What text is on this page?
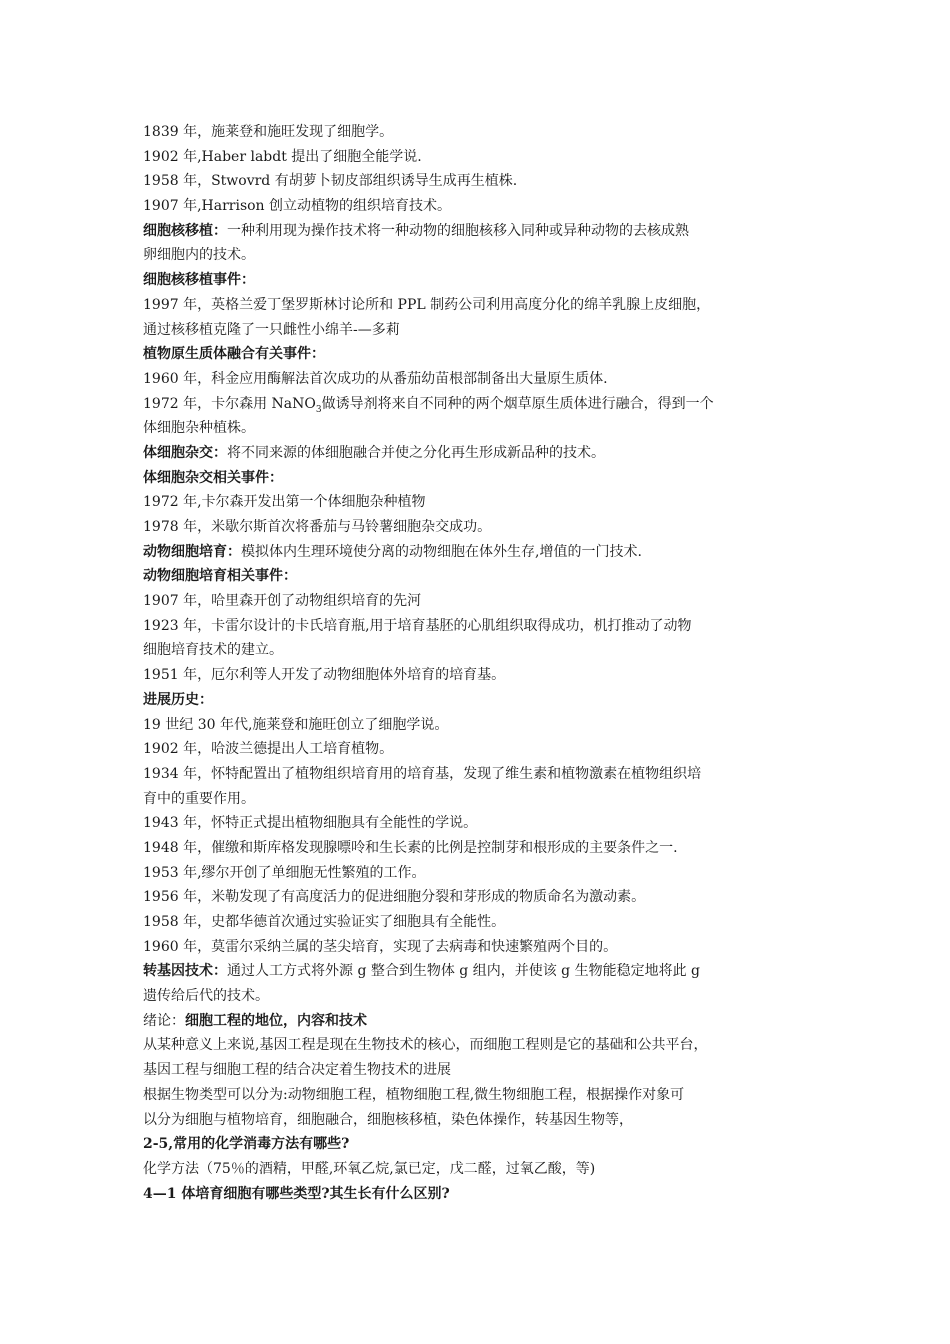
1839 年，施莱登和施旺发现了细胞学。
1902 年,Haber labdt 提出了细胞全能学说.
1958 年，Stwovrd 有胡萝卜韧皮部组织诱导生成再生植株.
1907 年,Harrison 创立动植物的组织培育技术。
细胞核移植：一种利用现为操作技术将一种动物的细胞核移入同种或异种动物的去核成熟
卵细胞内的技术。
细胞核移植事件：
1997 年，英格兰爱丁堡罗斯林讨论所和 PPL 制药公司利用高度分化的绵羊乳腺上皮细胞，
通过核移植克隆了一只雌性小绵羊-—多莉
植物原生质体融合有关事件：
1960 年，科金应用酶解法首次成功的从番茄幼苗根部制备出大量原生质体.
1972 年，卡尔森用 NaNO$_3$做诱导剂将来自不同种的两个烟草原生质体进行融合，得到一个
体细胞杂种植株。
体细胞杂交：将不同来源的体细胞融合并使之分化再生形成新品种的技术。
体细胞杂交相关事件：
1972 年,卡尔森开发出第一个体细胞杂种植物
1978 年，米歇尔斯首次将番茄与马铃薯细胞杂交成功。
动物细胞培育：模拟体内生理环境使分离的动物细胞在体外生存,增值的一门技术.
动物细胞培育相关事件：
1907 年，哈里森开创了动物组织培育的先河
1923 年，卡雷尔设计的卡氏培育瓶,用于培育基胚的心肌组织取得成功，机打推动了动物
细胞培育技术的建立。
1951 年，厄尔利等人开发了动物细胞体外培育的培育基。
进展历史：
19 世纪 30 年代,施莱登和施旺创立了细胞学说。
1902 年，哈波兰德提出人工培育植物。
1934 年，怀特配置出了植物组织培育用的培育基，发现了维生素和植物激素在植物组织培
育中的重要作用。
1943 年，怀特正式提出植物细胞具有全能性的学说。
1948 年，催缴和斯库格发现腺嘌呤和生长素的比例是控制芽和根形成的主要条件之一.
1953 年,缪尔开创了单细胞无性繁殖的工作。
1956 年，米勒发现了有高度活力的促进细胞分裂和芽形成的物质命名为激动素。
1958 年，史都华德首次通过实验证实了细胞具有全能性。
1960 年，莫雷尔采纳兰属的茎尖培育，实现了去病毒和快速繁殖两个目的。
转基因技术：通过人工方式将外源 g 整合到生物体 g 组内，并使该 g 生物能稳定地将此 g
遗传给后代的技术。
绪论：细胞工程的地位，内容和技术
从某种意义上来说,基因工程是现在生物技术的核心，而细胞工程则是它的基础和公共平台，
基因工程与细胞工程的结合决定着生物技术的进展
根据生物类型可以分为:动物细胞工程，植物细胞工程,微生物细胞工程，根据操作对象可
以分为细胞与植物培育，细胞融合，细胞核移植，染色体操作，转基因生物等，
2-5,常用的化学消毒方法有哪些?
化学方法（75％的酒精，甲醛,环氧乙烷,氯已定，戊二醛，过氧乙酸，等)
4—1 体培育细胞有哪些类型?其生长有什么区别?
